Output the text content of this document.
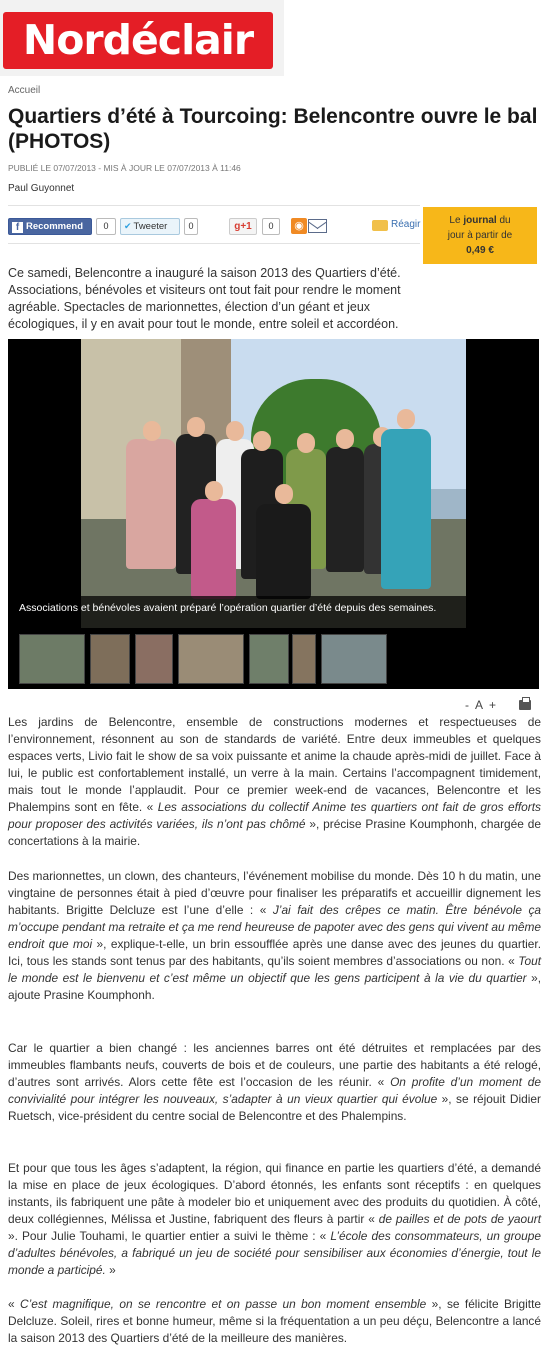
Nordéclair
Accueil
Quartiers d’été à Tourcoing: Belencontre ouvre le bal (PHOTOS)
PUBLIÉ LE 07/07/2013 - MIS À JOUR LE 07/07/2013 À 11:46
Paul Guyonnet
f Recommend	0	✔ Tweeter	0	g+1	0	◉	Réagir	Le journal du
jour à partir de
0,49 €

Ce samedi, Belencontre a inauguré la saison 2013 des Quartiers d’été. Associations, bénévoles et visiteurs ont tout fait pour rendre le moment agréable. Spectacles de marionnettes, élection d’un géant et jeux écologiques, il y en avait pour tout le monde, entre soleil et accordéon.

Associations et bénévoles avaient préparé l’opération quartier d’été depuis des semaines.
- A +

Les jardins de Belencontre, ensemble de constructions modernes et respectueuses de l’environnement, résonnent au son de standards de variété. Entre deux immeubles et quelques espaces verts, Livio fait le show de sa voix puissante et anime la chaude après-midi de juillet. Face à lui, le public est confortablement installé, un verre à la main. Certains l’accompagnent timidement, mais tout le monde l’applaudit. Pour ce premier week-end de vacances, Belencontre et les Phalempins sont en fête. « Les associations du collectif Anime tes quartiers ont fait de gros efforts pour proposer des activités variées, ils n’ont pas chômé », précise Prasine Koumphonh, chargée de concertations à la mairie.

Des marionnettes, un clown, des chanteurs, l’événement mobilise du monde. Dès 10 h du matin, une vingtaine de personnes était à pied d’œuvre pour finaliser les préparatifs et accueillir dignement les habitants. Brigitte Delcluze est l’une d’elle : « J’ai fait des crêpes ce matin. Être bénévole ça m’occupe pendant ma retraite et ça me rend heureuse de papoter avec des gens qui vivent au même endroit que moi », explique-t-elle, un brin essoufflée après une danse avec des jeunes du quartier. Ici, tous les stands sont tenus par des habitants, qu’ils soient membres d’associations ou non. « Tout le monde est le bienvenu et c’est même un objectif que les gens participent à la vie du quartier », ajoute Prasine Koumphonh.

Car le quartier a bien changé : les anciennes barres ont été détruites et remplacées par des immeubles flambants neufs, couverts de bois et de couleurs, une partie des habitants a été relogé, d’autres sont arrivés. Alors cette fête est l’occasion de les réunir. « On profite d’un moment de convivialité pour intégrer les nouveaux, s’adapter à un vieux quartier qui évolue », se réjouit Didier Ruetsch, vice-président du centre social de Belencontre et des Phalempins.

Et pour que tous les âges s’adaptent, la région, qui finance en partie les quartiers d’été, a demandé la mise en place de jeux écologiques. D’abord étonnés, les enfants sont réceptifs : en quelques instants, ils fabriquent une pâte à modeler bio et uniquement avec des produits du quotidien. À côté, deux collégiennes, Mélissa et Justine, fabriquent des fleurs à partir « de pailles et de pots de yaourt ». Pour Julie Touhami, le quartier entier a suivi le thème : « L’école des consommateurs, un groupe d’adultes bénévoles, a fabriqué un jeu de société pour sensibiliser aux économies d’énergie, tout le monde a participé. »

« C’est magnifique, on se rencontre et on passe un bon moment ensemble », se félicite Brigitte Delcluze. Soleil, rires et bonne humeur, même si la fréquentation a un peu déçu, Belencontre a lancé la saison 2013 des Quartiers d’été de la meilleure des manières.
